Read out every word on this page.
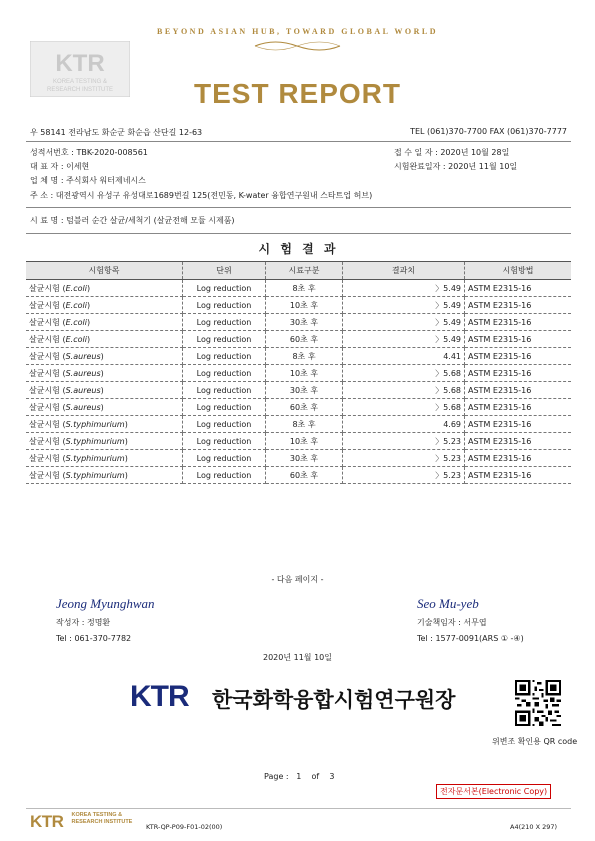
BEYOND ASIAN HUB, TOWARD GLOBAL WORLD
KTR
KOREA TESTING &
RESEARCH INSTITUTE	TEST REPORT
우 58141 전라남도 화순군 화순읍 산단길 12-63	TEL (061)370-7700 FAX (061)370-7777
성적서번호 : TBK-2020-008561	접 수 일 자 : 2020년 10월 28일
대 표 자 : 이세현	시험완료일자 : 2020년 11월 10일
업 체 명 : 주식회사 워터제네시스
주 소 : 대전광역시 유성구 유성대로1689번길 125(전민동, K-water 융합연구원내 스타트업 허브)
시 료 명 : 텀블러 순간 살균/세척기 (살균전해 모듈 시제품)
시 험 결 과
시험항목	단위	시료구분	결과치	시험방법
살균시험 (E.coli)	Log reduction	8초 후	〉5.49	ASTM E2315-16
살균시험 (E.coli)	Log reduction	10초 후	〉5.49	ASTM E2315-16
살균시험 (E.coli)	Log reduction	30초 후	〉5.49	ASTM E2315-16
살균시험 (E.coli)	Log reduction	60초 후	〉5.49	ASTM E2315-16
살균시험 (S.aureus)	Log reduction	8초 후	4.41	ASTM E2315-16
살균시험 (S.aureus)	Log reduction	10초 후	〉5.68	ASTM E2315-16
살균시험 (S.aureus)	Log reduction	30초 후	〉5.68	ASTM E2315-16
살균시험 (S.aureus)	Log reduction	60초 후	〉5.68	ASTM E2315-16
살균시험 (S.typhimurium)	Log reduction	8초 후	4.69	ASTM E2315-16
살균시험 (S.typhimurium)	Log reduction	10초 후	〉5.23	ASTM E2315-16
살균시험 (S.typhimurium)	Log reduction	30초 후	〉5.23	ASTM E2315-16
살균시험 (S.typhimurium)	Log reduction	60초 후	〉5.23	ASTM E2315-16
- 다음 페이지 -
Jeong Myunghwan
작성자 : 정명환
Tel : 061-370-7782
Seo Mu-yeb
기술책임자 : 서무엽
Tel : 1577-0091(ARS ① -④)
2020년 11월 10일
KTR 한국화학융합시험연구원장
위변조 확인용 QR code
Page : 1 of 3
전자문서본(Electronic Copy)
KTR KOREA TESTING &
RESEARCH INSTITUTE
KTR-QP-P09-F01-02(00)	A4(210 X 297)
